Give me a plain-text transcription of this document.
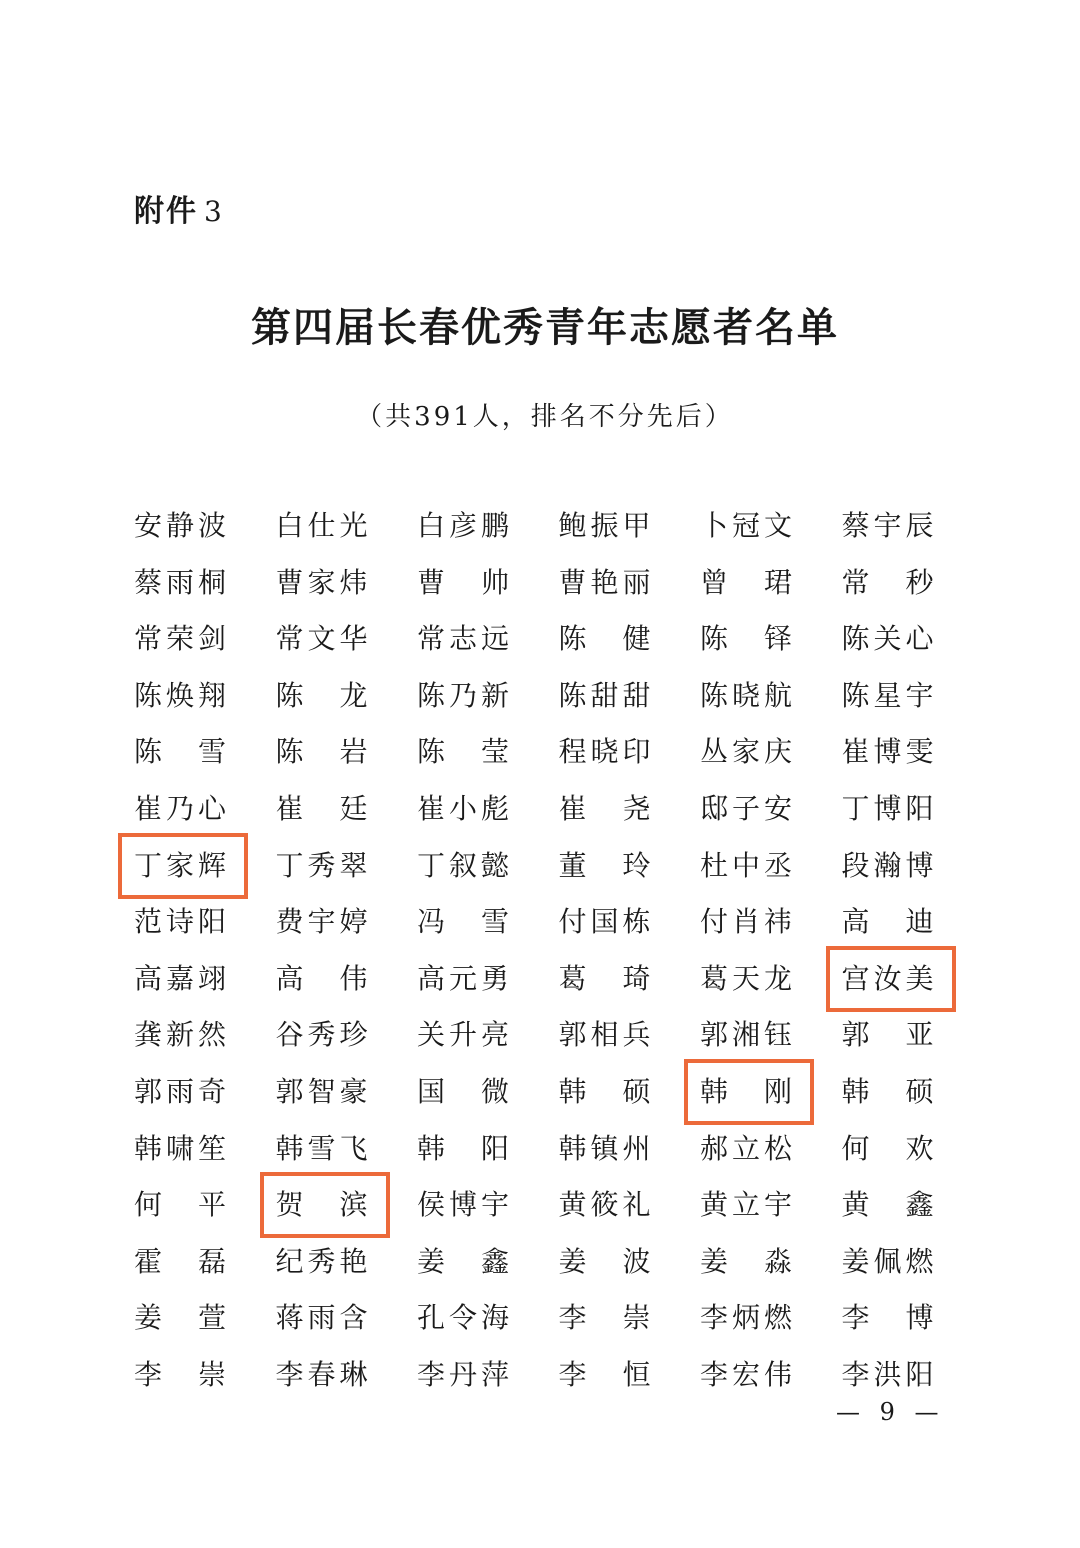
附件 3
第四届长春优秀青年志愿者名单
（共391人，排名不分先后）
安 静 波 白 仕 光 白 彦 鹏 鲍 振 甲 卜 冠 文 蔡 宇 辰
蔡 雨 桐 曹 家 炜 曹 帅 曹 艳 丽 曾 珺 常 秒
常 荣 剑 常 文 华 常 志 远 陈 健 陈 铎 陈 关 心
陈 焕 翔 陈 龙 陈 乃 新 陈 甜 甜 陈 晓 航 陈 星 宇
陈 雪 陈 岩 陈 莹 程 晓 印 丛 家 庆 崔 博 雯
崔 乃 心 崔 廷 崔 小 彪 崔 尧 邸 子 安 丁 博 阳
丁 家 辉 丁 秀 翠 丁 叙 懿 董 玲 杜 中 丞 段 瀚 博
范 诗 阳 费 宇 婷 冯 雪 付 国 栋 付 肖 祎 高 迪
高 嘉 翊 高 伟 高 元 勇 葛 琦 葛 天 龙 宫 汝 美
龚 新 然 谷 秀 珍 关 升 亮 郭 相 兵 郭 湘 钰 郭 亚
郭 雨 奇 郭 智 豪 国 微 韩 硕 韩 刚 韩 硕
韩 啸 笙 韩 雪 飞 韩 阳 韩 镇 州 郝 立 松 何 欢
何 平 贺 滨 侯 博 宇 黄 筱 礼 黄 立 宇 黄 鑫
霍 磊 纪 秀 艳 姜 鑫 姜 波 姜 淼 姜 佩 燃
姜 萱 蒋 雨 含 孔 令 海 李 崇 李 炳 燃 李 博
李 崇 李 春 琳 李 丹 萍 李 恒 李 宏 伟 李 洪 阳
— 9 —
